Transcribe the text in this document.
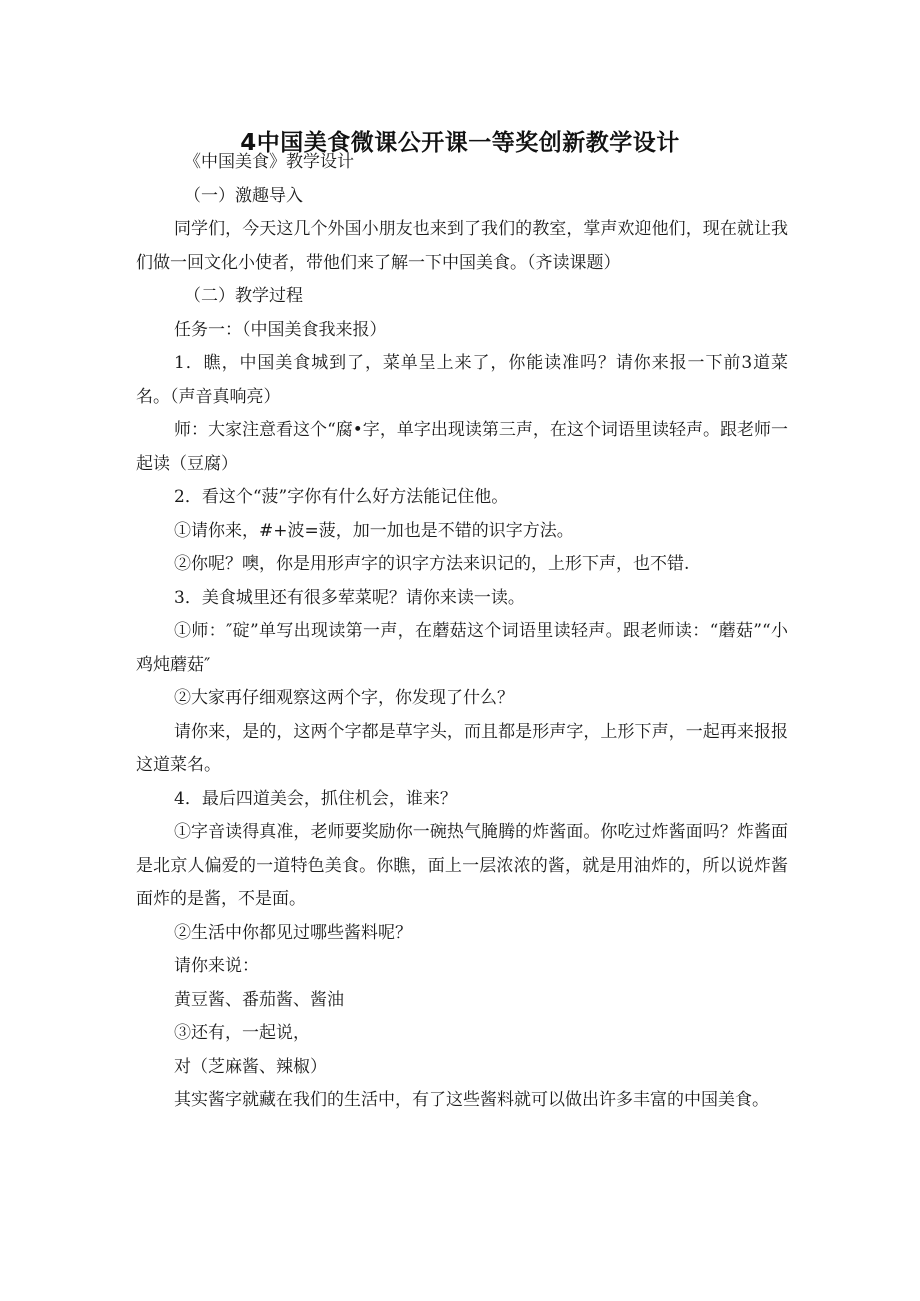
4中国美食微课公开课一等奖创新教学设计

《中国美食》教学设计

（一）激趣导入

同学们，今天这几个外国小朋友也来到了我们的教室，掌声欢迎他们，现在就让我们做一回文化小使者，带他们来了解一下中国美食。（齐读课题）

（二）教学过程

任务一：（中国美食我来报）

1．瞧，中国美食城到了，菜单呈上来了，你能读准吗？请你来报一下前3道菜名。（声音真响亮）

师：大家注意看这个“腐•字，单字出现读第三声，在这个词语里读轻声。跟老师一起读（豆腐）

2．看这个“菠”字你有什么好方法能记住他。

①请你来，#+波=菠，加一加也是不错的识字方法。

②你呢？噢，你是用形声字的识字方法来识记的，上形下声，也不错.

3．美食城里还有很多荤菜呢？请你来读一读。

①师：″碇”单写出现读第一声，在蘑菇这个词语里读轻声。跟老师读：“蘑菇”“小鸡炖蘑菇″

②大家再仔细观察这两个字，你发现了什么？

请你来，是的，这两个字都是草字头，而且都是形声字，上形下声，一起再来报报这道菜名。

4．最后四道美会，抓住机会，谁来？

①字音读得真准，老师要奖励你一碗热气腌腾的炸酱面。你吃过炸酱面吗？炸酱面是北京人偏爱的一道特色美食。你瞧，面上一层浓浓的酱，就是用油炸的，所以说炸酱面炸的是酱，不是面。

②生活中你都见过哪些酱料呢？

请你来说：

黄豆酱、番茄酱、酱油

③还有，一起说，

对（芝麻酱、辣椒）

其实酱字就藏在我们的生活中，有了这些酱料就可以做出许多丰富的中国美食。
